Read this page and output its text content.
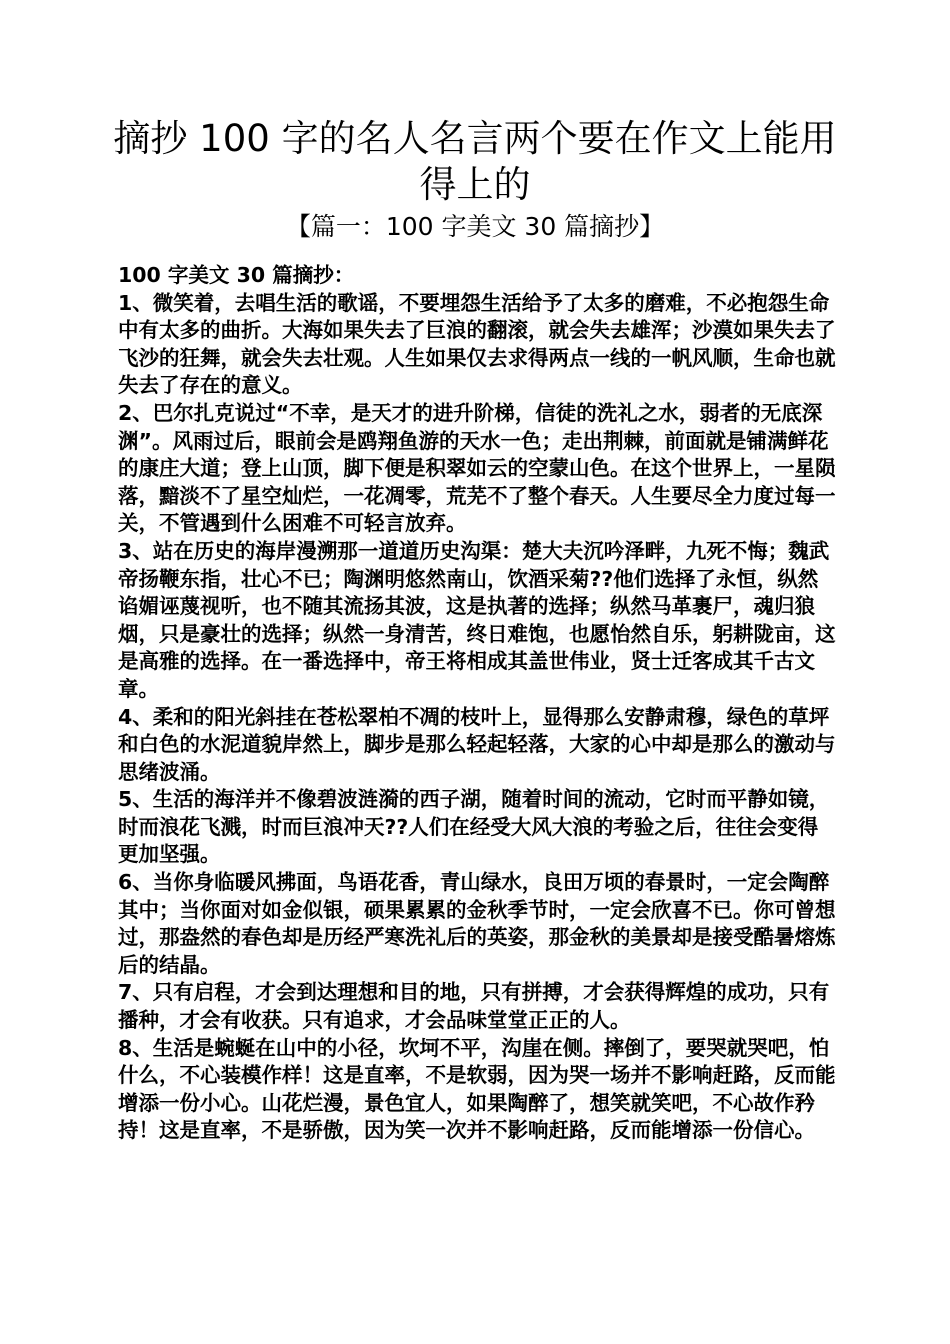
摘抄 100 字的名人名言两个要在作文上能用得上的
【篇一：100 字美文 30 篇摘抄】

100 字美文 30 篇摘抄：

1、微笑着，去唱生活的歌谣，不要埋怨生活给予了太多的磨难，不必抱怨生命中有太多的曲折。大海如果失去了巨浪的翻滚，就会失去雄浑；沙漠如果失去了飞沙的狂舞，就会失去壮观。人生如果仅去求得两点一线的一帆风顺，生命也就失去了存在的意义。

2、巴尔扎克说过“不幸，是天才的进升阶梯，信徒的洗礼之水，弱者的无底深渊”。风雨过后，眼前会是鸥翔鱼游的天水一色；走出荆棘，前面就是铺满鲜花的康庄大道；登上山顶，脚下便是积翠如云的空蒙山色。在这个世界上，一星陨落，黯淡不了星空灿烂，一花凋零，荒芜不了整个春天。人生要尽全力度过每一关，不管遇到什么困难不可轻言放弃。

3、站在历史的海岸漫溯那一道道历史沟渠：楚大夫沉吟泽畔，九死不悔；魏武

帝扬鞭东指，壮心不已；陶渊明悠然南山，饮酒采菊??他们选择了永恒，纵然谄媚诬蔑视听，也不随其流扬其波，这是执著的选择；纵然马革裹尸，魂归狼烟，只是豪壮的选择；纵然一身清苦，终日难饱，也愿怡然自乐，躬耕陇亩，这是高雅的选择。在一番选择中，帝王将相成其盖世伟业，贤士迁客成其千古文章。

4、柔和的阳光斜挂在苍松翠柏不凋的枝叶上，显得那么安静肃穆，绿色的草坪和白色的水泥道貌岸然上，脚步是那么轻起轻落，大家的心中却是那么的激动与思绪波涌。

5、生活的海洋并不像碧波涟漪的西子湖，随着时间的流动，它时而平静如镜，时而浪花飞溅，时而巨浪冲天??人们在经受大风大浪的考验之后，往往会变得更加坚强。

6、当你身临暖风拂面，鸟语花香，青山绿水，良田万顷的春景时，一定会陶醉其中；当你面对如金似银，硕果累累的金秋季节时，一定会欣喜不已。你可曾想过，那盎然的春色却是历经严寒洗礼后的英姿，那金秋的美景却是接受酷暑熔炼后的结晶。

7、只有启程，才会到达理想和目的地，只有拼搏，才会获得辉煌的成功，只有播种，才会有收获。只有追求，才会品味堂堂正正的人。

8、生活是蜿蜒在山中的小径，坎坷不平，沟崖在侧。摔倒了，要哭就哭吧，怕什么，不心装模作样！这是直率，不是软弱，因为哭一场并不影响赶路，反而能增添一份小心。山花烂漫，景色宜人，如果陶醉了，想笑就笑吧，不心故作矜持！这是直率，不是骄傲，因为笑一次并不影响赶路，反而能增添一份信心。
